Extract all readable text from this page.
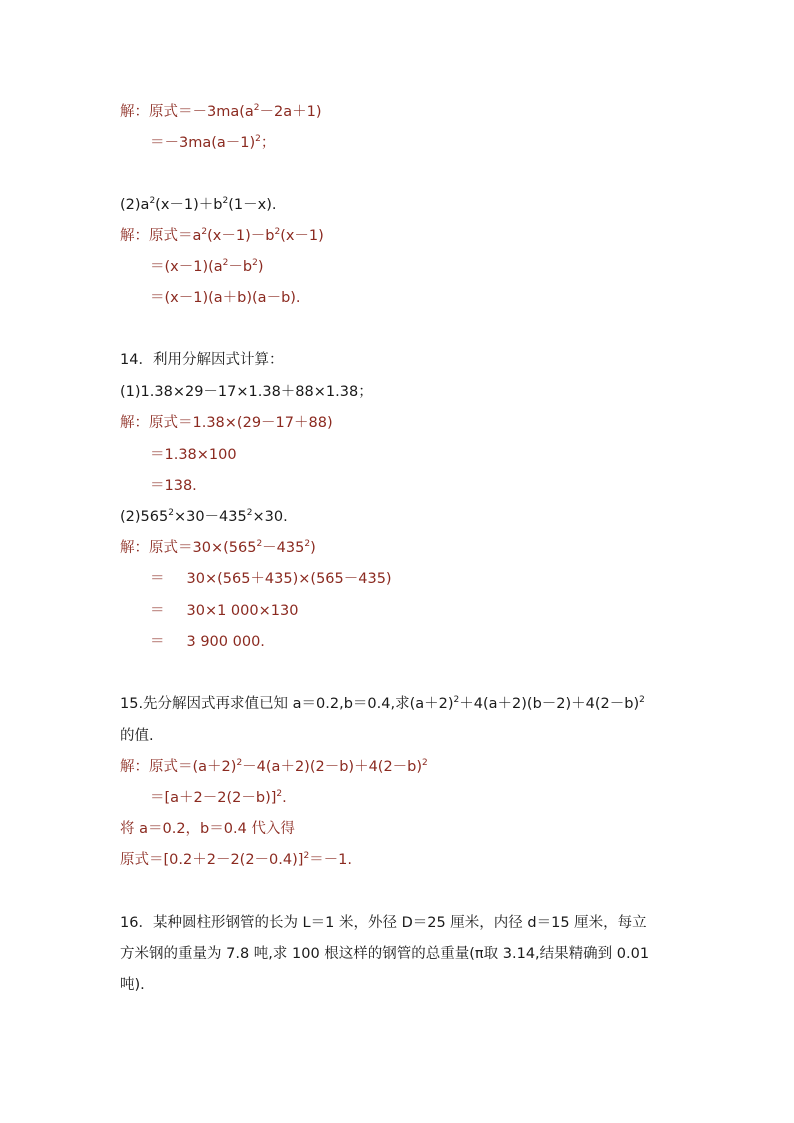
解：原式$=-3ma(a^2-2a+1)$
$=-3ma(a-1)^2$；
$(2)a^2(x-1)+b^2(1-x)$.
解：原式$=a^2(x-1)-b^2(x-1)$
$=(x-1)(a^2-b^2)$
＝(x－1)(a＋b)(a－b).
14．利用分解因式计算：
(1)1.38×29－17×1.38＋88×1.38；
解：原式＝1.38×(29－17＋88)
＝1.38×100
＝138.
$(2)565^2\times 30-435^2\times 30$.
解：原式$=30\times(565^2-435^2)$
＝ 30×(565＋435)×(565－435)
＝ 30×1 000×130
＝ 3 900 000.
15.先分解因式再求值已知 a＝0.2,b＝0.4,求$(a+2)^2+4(a+2)(b-2)+4(2-b)^2$
的值.
解：原式$=(a+2)^2-4(a+2)(2-b)+4(2-b)^2$
$=[a+2-2(2-b)]^2$.
将 a＝0.2，b＝0.4 代入得
原式$=[0.2+2-2(2-0.4)]^2=-1$.
16．某种圆柱形钢管的长为 L＝1 米，外径 D＝25 厘米，内径 d＝15 厘米，每立
方米钢的重量为 7.8 吨,求 100 根这样的钢管的总重量(π取 3.14,结果精确到 0.01
吨).
